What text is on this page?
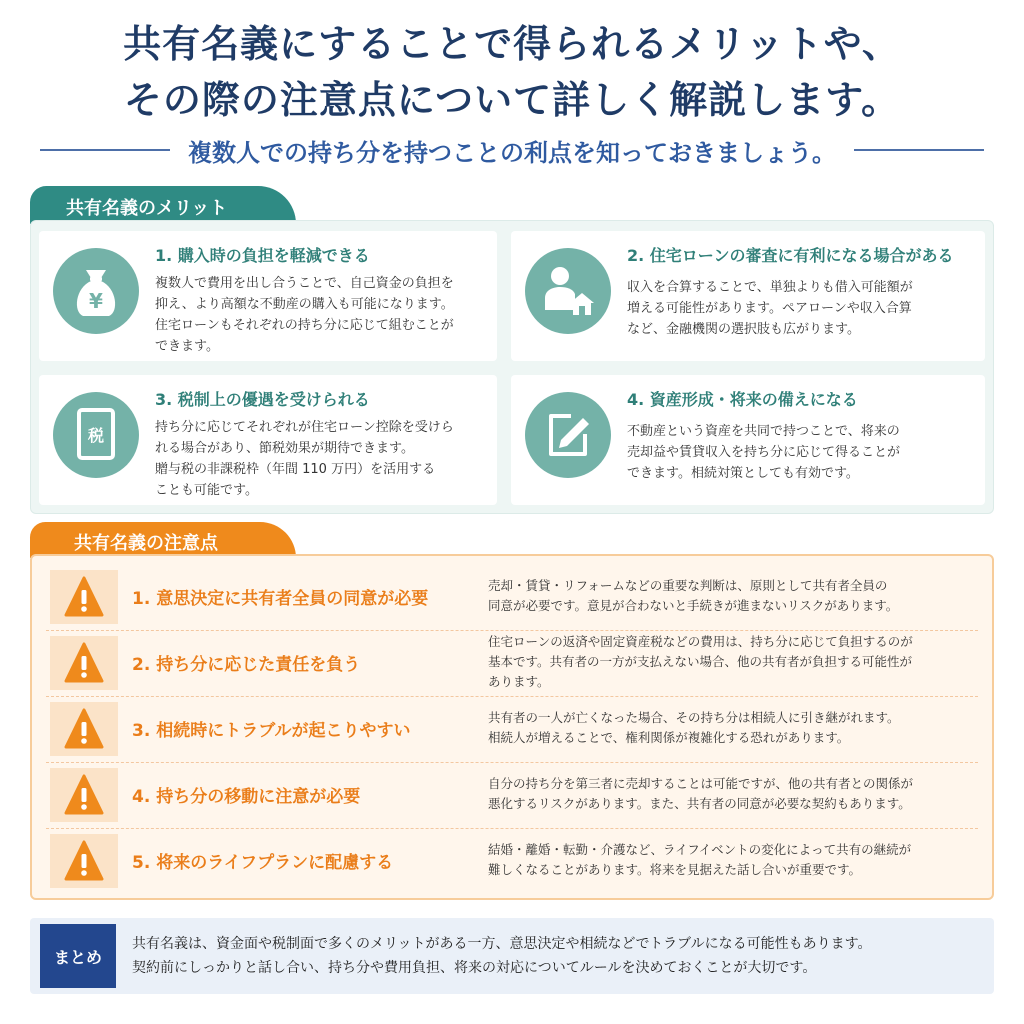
共有名義にすることで得られるメリットや、
その際の注意点について詳しく解説します。
複数人での持ち分を持つことの利点を知っておきましょう。
共有名義のメリット
¥
1. 購入時の負担を軽減できる
複数人で費用を出し合うことで、自己資金の負担を
抑え、より高額な不動産の購入も可能になります。
住宅ローンもそれぞれの持ち分に応じて組むことが
できます。
2. 住宅ローンの審査に有利になる場合がある
収入を合算することで、単独よりも借入可能額が
増える可能性があります。ペアローンや収入合算
など、金融機関の選択肢も広がります。
税
3. 税制上の優遇を受けられる
持ち分に応じてそれぞれが住宅ローン控除を受けら
れる場合があり、節税効果が期待できます。
贈与税の非課税枠（年間 110 万円）を活用する
ことも可能です。
4. 資産形成・将来の備えになる
不動産という資産を共同で持つことで、将来の
売却益や賃貸収入を持ち分に応じて得ることが
できます。相続対策としても有効です。
共有名義の注意点
1. 意思決定に共有者全員の同意が必要
売却・賃貸・リフォームなどの重要な判断は、原則として共有者全員の
同意が必要です。意見が合わないと手続きが進まないリスクがあります。
2. 持ち分に応じた責任を負う
住宅ローンの返済や固定資産税などの費用は、持ち分に応じて負担するのが
基本です。共有者の一方が支払えない場合、他の共有者が負担する可能性が
あります。
3. 相続時にトラブルが起こりやすい
共有者の一人が亡くなった場合、その持ち分は相続人に引き継がれます。
相続人が増えることで、権利関係が複雑化する恐れがあります。
4. 持ち分の移動に注意が必要
自分の持ち分を第三者に売却することは可能ですが、他の共有者との関係が
悪化するリスクがあります。また、共有者の同意が必要な契約もあります。
5. 将来のライフプランに配慮する
結婚・離婚・転勤・介護など、ライフイベントの変化によって共有の継続が
難しくなることがあります。将来を見据えた話し合いが重要です。
まとめ
共有名義は、資金面や税制面で多くのメリットがある一方、意思決定や相続などでトラブルになる可能性もあります。
契約前にしっかりと話し合い、持ち分や費用負担、将来の対応についてルールを決めておくことが大切です。
